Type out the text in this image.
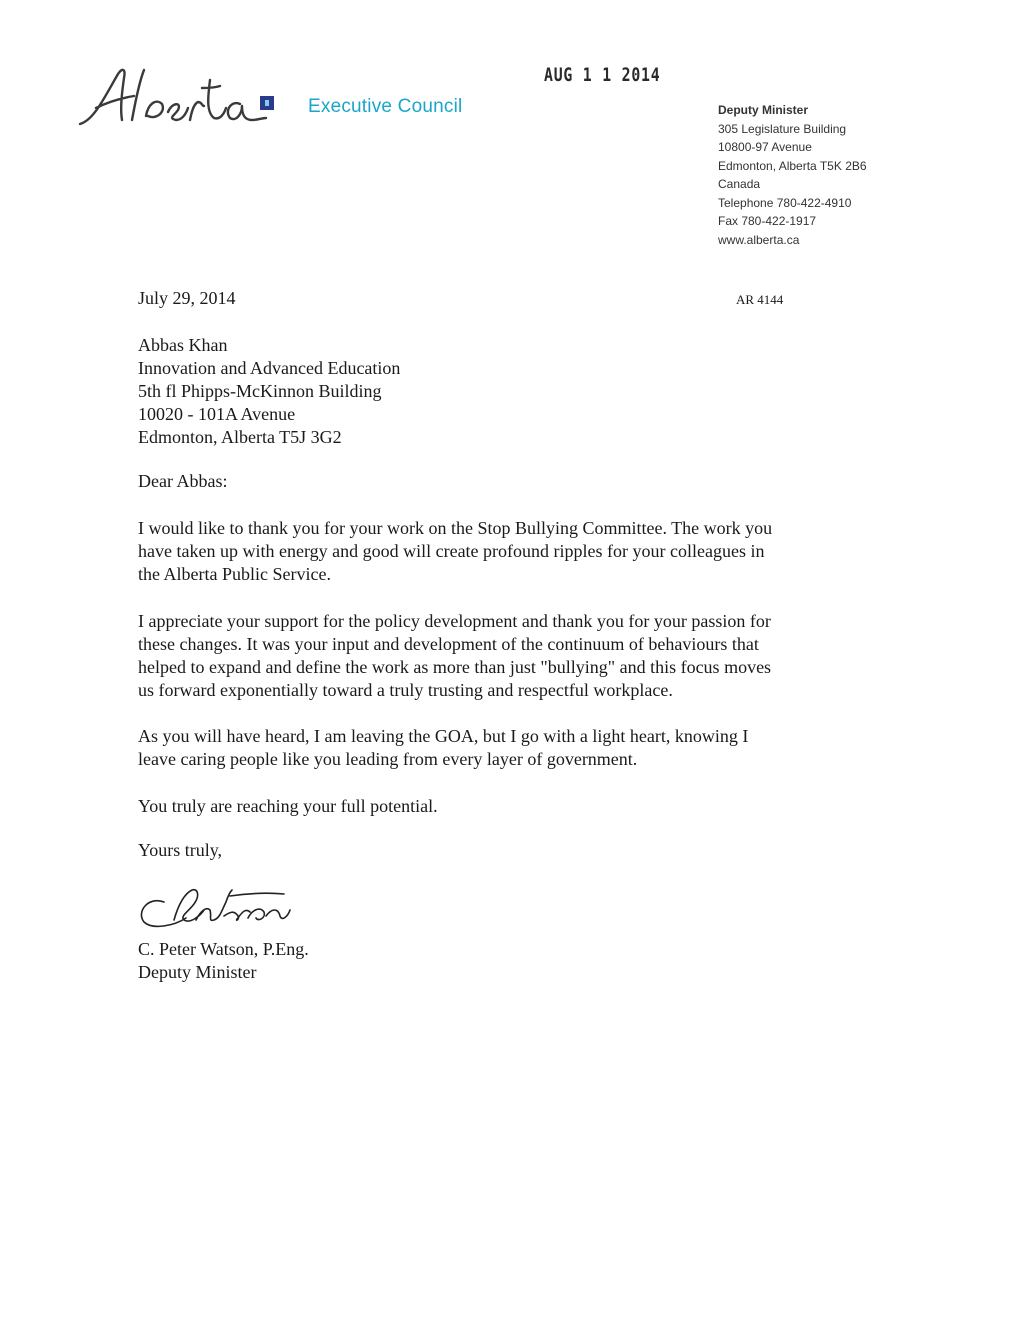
Executive Council
AUG 1 1 2014
Deputy Minister
305 Legislature Building
10800-97 Avenue
Edmonton, Alberta T5K 2B6
Canada
Telephone 780-422-4910
Fax 780-422-1917
www.alberta.ca
July 29, 2014	AR 4144
Abbas Khan
Innovation and Advanced Education
5th fl Phipps-McKinnon Building
10020 - 101A Avenue
Edmonton, Alberta T5J 3G2
Dear Abbas:
I would like to thank you for your work on the Stop Bullying Committee. The work you
have taken up with energy and good will create profound ripples for your colleagues in
the Alberta Public Service.
I appreciate your support for the policy development and thank you for your passion for
these changes. It was your input and development of the continuum of behaviours that
helped to expand and define the work as more than just "bullying" and this focus moves
us forward exponentially toward a truly trusting and respectful workplace.
As you will have heard, I am leaving the GOA, but I go with a light heart, knowing I
leave caring people like you leading from every layer of government.
You truly are reaching your full potential.
Yours truly,
C. Peter Watson, P.Eng.
Deputy Minister
